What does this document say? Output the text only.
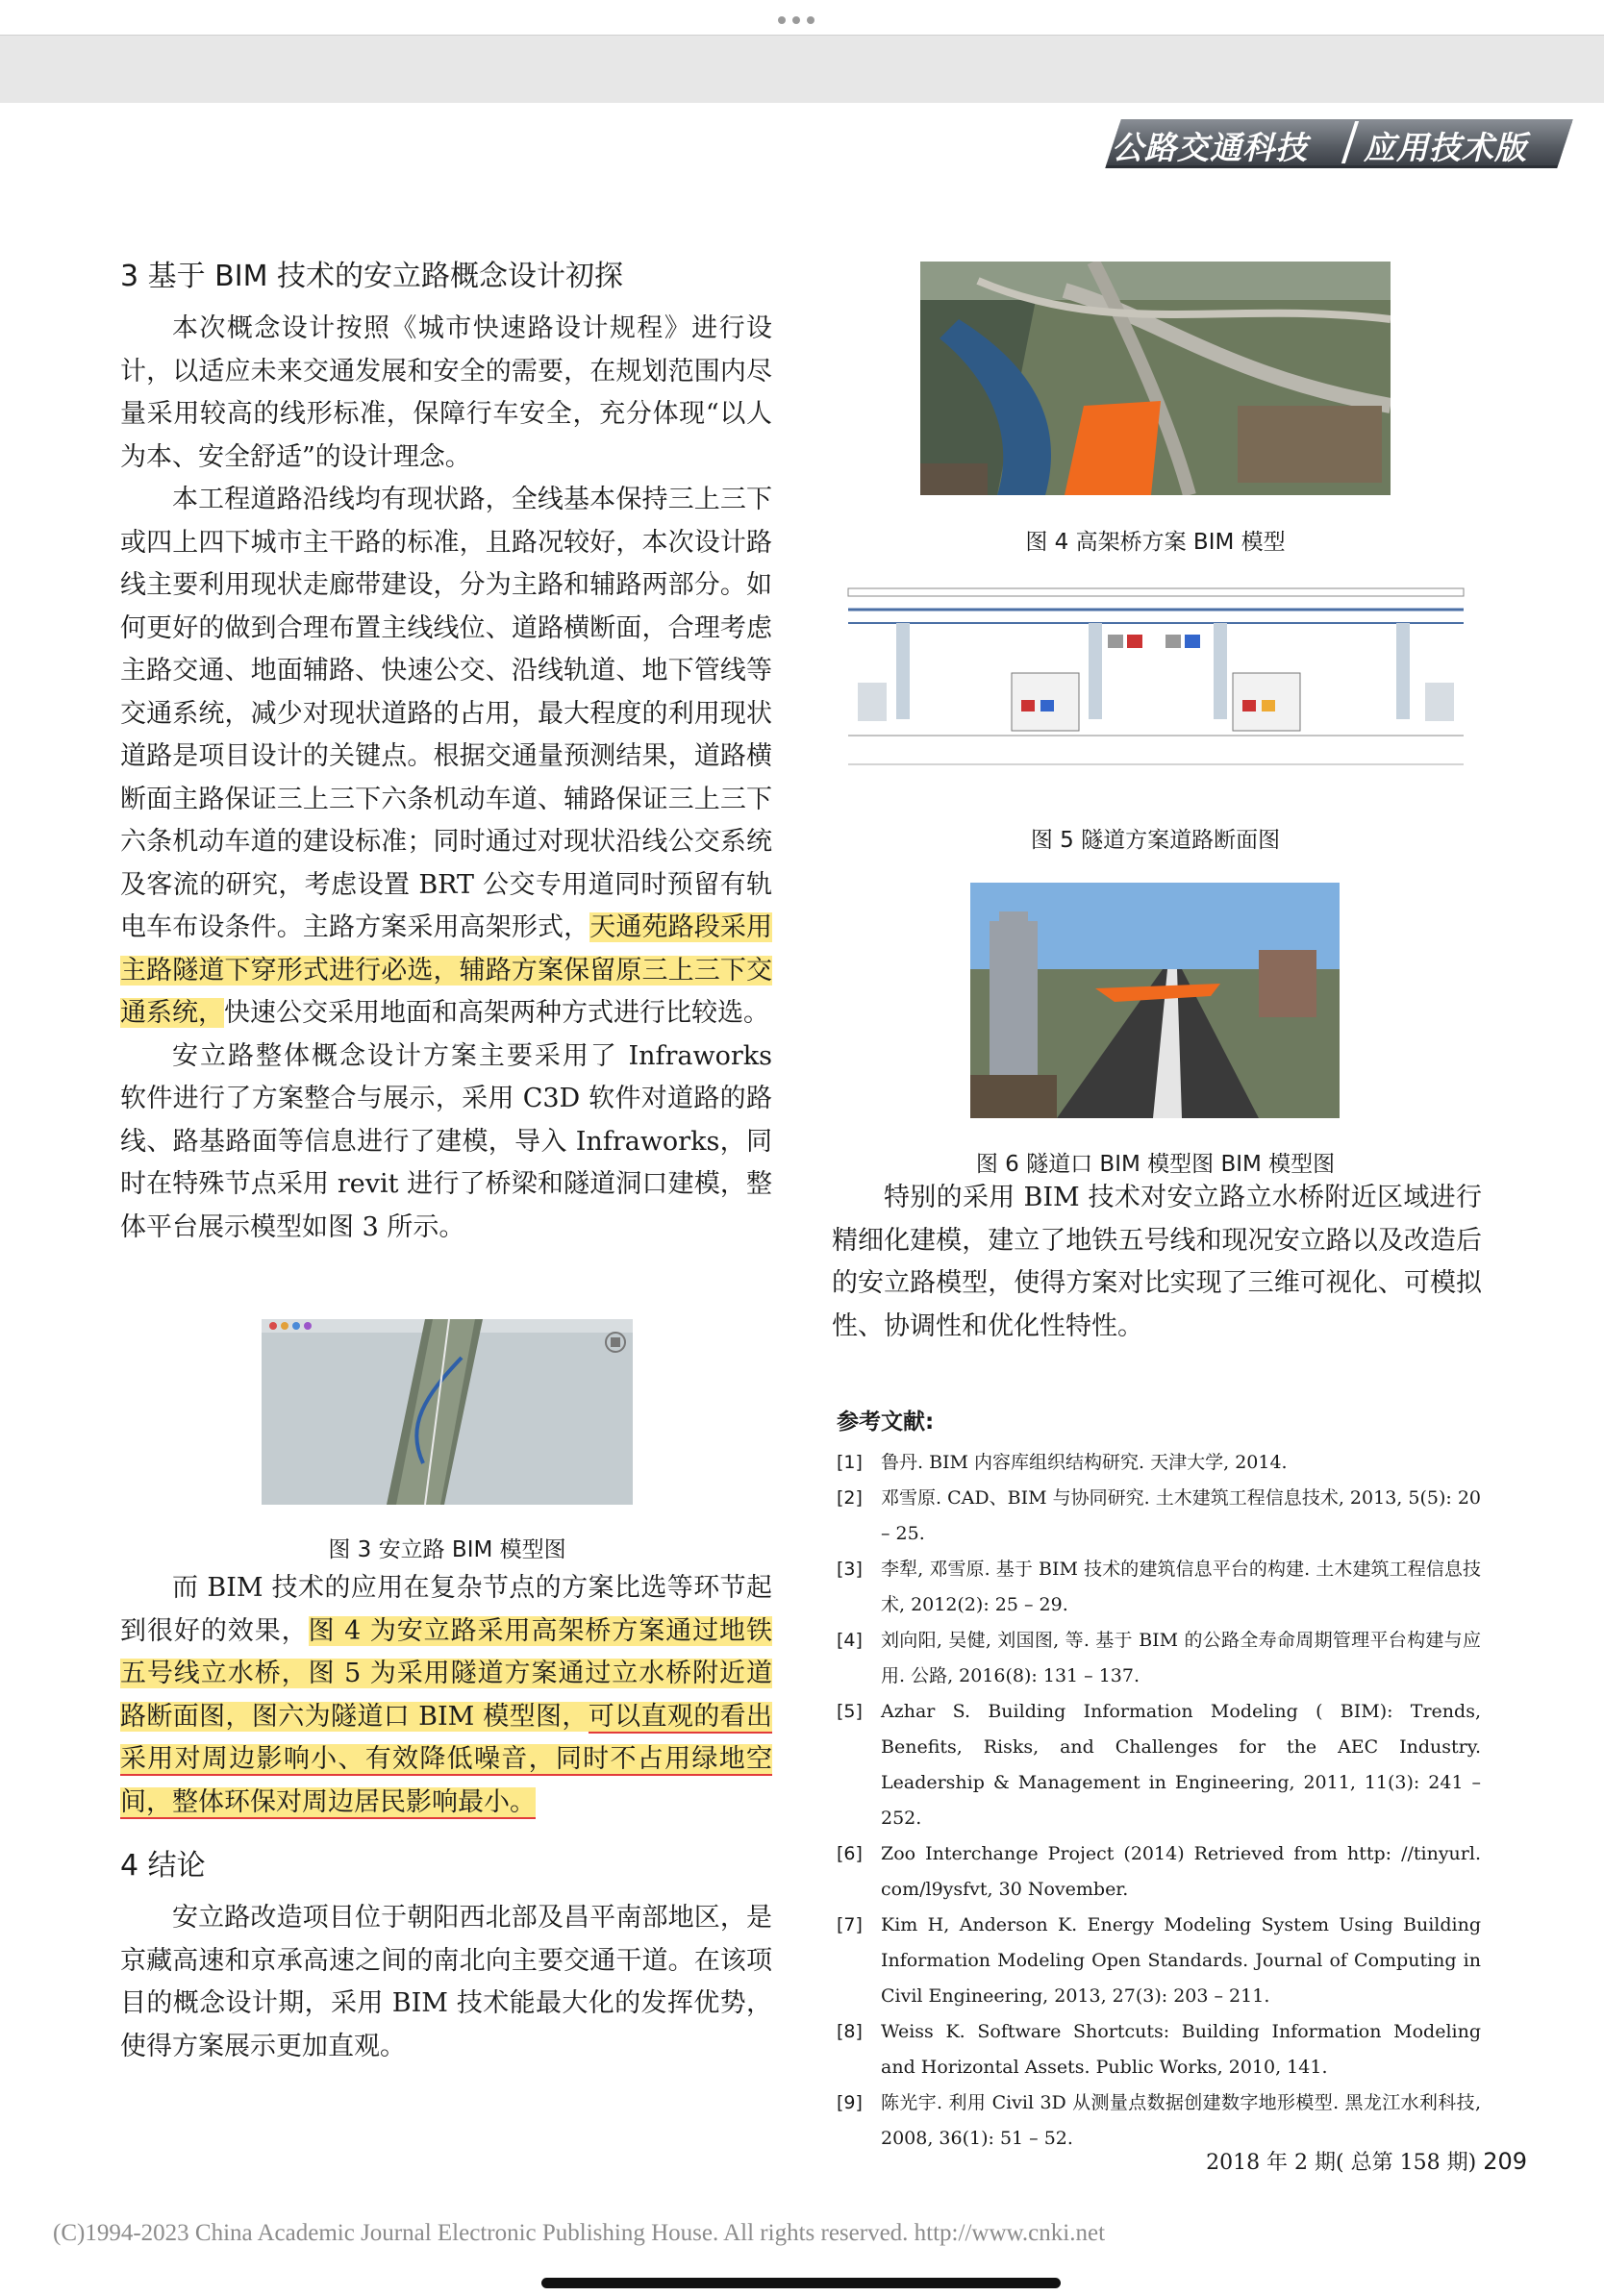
公路交通科技 应用技术版
3 基于 BIM 技术的安立路概念设计初探

本次概念设计按照《城市快速路设计规程》进行设计，以适应未来交通发展和安全的需要，在规划范围内尽量采用较高的线形标准，保障行车安全，充分体现“以人为本、安全舒适”的设计理念。

本工程道路沿线均有现状路，全线基本保持三上三下或四上四下城市主干路的标准，且路况较好，本次设计路线主要利用现状走廊带建设，分为主路和辅路两部分。如何更好的做到合理布置主线线位、道路横断面，合理考虑主路交通、地面辅路、快速公交、沿线轨道、地下管线等交通系统，减少对现状道路的占用，最大程度的利用现状道路是项目设计的关键点。根据交通量预测结果，道路横断面主路保证三上三下六条机动车道、辅路保证三上三下六条机动车道的建设标准；同时通过对现状沿线公交系统及客流的研究，考虑设置 BRT 公交专用道同时预留有轨电车布设条件。主路方案采用高架形式，天通苑路段采用主路隧道下穿形式进行必选，辅路方案保留原三上三下交通系统，快速公交采用地面和高架两种方式进行比较选。

安立路整体概念设计方案主要采用了 Infraworks 软件进行了方案整合与展示，采用 C3D 软件对道路的路线、路基路面等信息进行了建模，导入 Infraworks，同时在特殊节点采用 revit 进行了桥梁和隧道洞口建模，整体平台展示模型如图 3 所示。

图 3 安立路 BIM 模型图

而 BIM 技术的应用在复杂节点的方案比选等环节起到很好的效果，图 4 为安立路采用高架桥方案通过地铁五号线立水桥，图 5 为采用隧道方案通过立水桥附近道路断面图，图六为隧道口 BIM 模型图，可以直观的看出采用对周边影响小、有效降低噪音，同时不占用绿地空间，整体环保对周边居民影响最小。

4 结论

安立路改造项目位于朝阳西北部及昌平南部地区，是京藏高速和京承高速之间的南北向主要交通干道。在该项目的概念设计期，采用 BIM 技术能最大化的发挥优势，使得方案展示更加直观。

图 4 高架桥方案 BIM 模型
图 5 隧道方案道路断面图
图 6 隧道口 BIM 模型图 BIM 模型图

特别的采用 BIM 技术对安立路立水桥附近区域进行精细化建模，建立了地铁五号线和现况安立路以及改造后的安立路模型，使得方案对比实现了三维可视化、可模拟性、协调性和优化性特性。

参考文献:
[1]	鲁丹. BIM 内容库组织结构研究. 天津大学, 2014.
[2]	邓雪原. CAD、BIM 与协同研究. 土木建筑工程信息技术, 2013, 5(5): 20 – 25.
[3]	李犁, 邓雪原. 基于 BIM 技术的建筑信息平台的构建. 土木建筑工程信息技术, 2012(2): 25 – 29.
[4]	刘向阳, 吴健, 刘国图, 等. 基于 BIM 的公路全寿命周期管理平台构建与应用. 公路, 2016(8): 131 – 137.
[5]	Azhar S. Building Information Modeling ( BIM): Trends, Benefits, Risks, and Challenges for the AEC Industry. Leadership & Management in Engineering, 2011, 11(3): 241 – 252.
[6]	Zoo Interchange Project (2014) Retrieved from http: //tinyurl. com/l9ysfvt, 30 November.
[7]	Kim H, Anderson K. Energy Modeling System Using Building Information Modeling Open Standards. Journal of Computing in Civil Engineering, 2013, 27(3): 203 – 211.
[8]	Weiss K. Software Shortcuts: Building Information Modeling and Horizontal Assets. Public Works, 2010, 141.
[9]	陈光宇. 利用 Civil 3D 从测量点数据创建数字地形模型. 黑龙江水利科技, 2008, 36(1): 51 – 52.
2018 年 2 期( 总第 158 期) 209
(C)1994-2023 China Academic Journal Electronic Publishing House. All rights reserved. http://www.cnki.net
